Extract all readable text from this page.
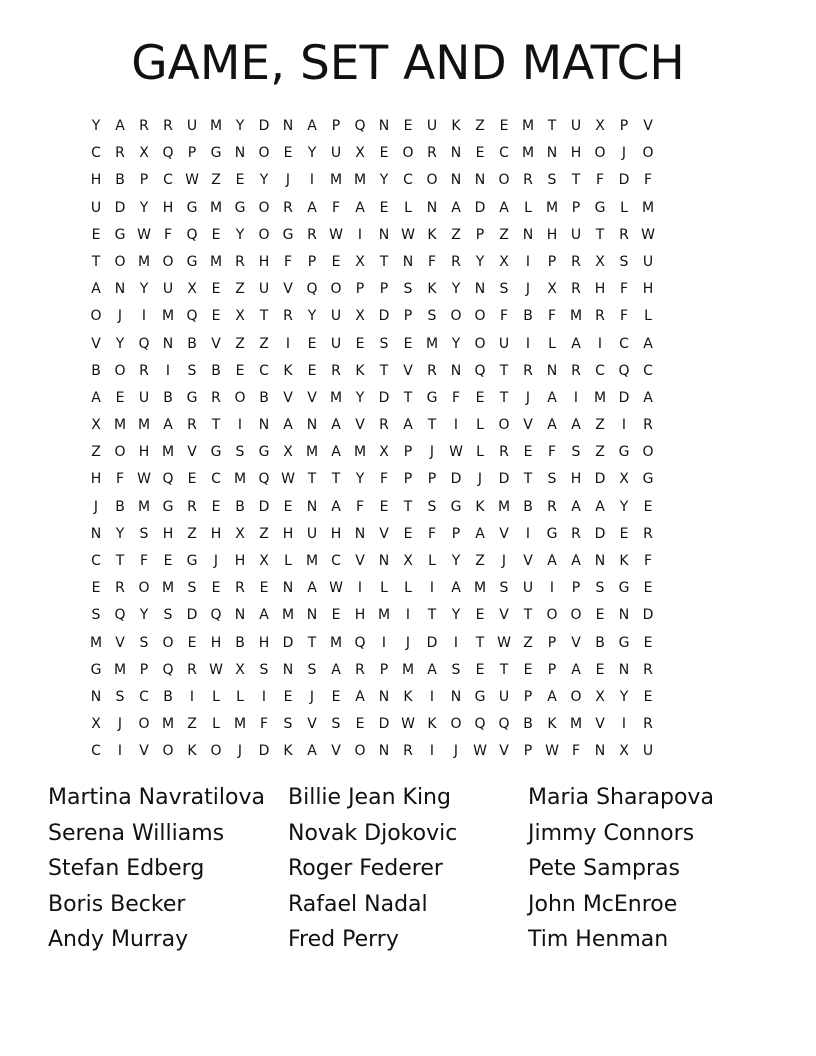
GAME, SET AND MATCH
Y	A	R	R	U M Y	D N A	P	Q N	E	U	K	Z	E M T	U	X	P	V
C	R	X Q	P	G N O	E	Y	U	X	E	O R N	E	C M N H O	J	O
H B	P	C W Z	E	Y	J	I	M M Y	C O N N O R	S	T	F	D	F
U D	Y	H G M G O R	A	F	A	E	L	N A D A	L	M P	G	L	M
E	G W F	Q	E	Y	O G R W	I	N W K	Z	P	Z N H U	T	R W
T	O M O G M R H	F	P	E	X	T	N	F	R	Y	X	I	P	R	X	S	U
A N	Y	U	X	E	Z	U	V Q O	P	P	S	K	Y	N	S	J	X	R H	F	H
O	J	I	M Q	E	X	T	R	Y	U	X D	P	S	O O	F	B	F M R	F	L
V	Y	Q N B	V	Z	Z	I	E	U	E	S	E M Y	O U	I	L	A	I	C	A
B O R	I	S	B	E	C	K	E	R	K	T	V	R N Q	T	R N R	C Q C
A	E	U	B G R O B	V	V M Y	D	T	G	F	E	T	J	A	I	M D A
X M M A	R	T	I	N A N A	V	R	A	T	I	L	O V	A	A	Z	I	R
Z O H M V G	S	G X M A M X	P	J	W L	R	E	F	S	Z G O
H	F W Q	E	C M Q W T	T	Y	F	P	P	D	J	D	T	S	H D X G
J	B M G R	E	B D	E	N A	F	E	T	S	G K M B	R	A	A	Y	E
N	Y	S	H Z H X	Z H U H N V	E	F	P	A	V	I	G R D	E	R
C	T	F	E	G	J	H X	L	M C	V N X	L	Y	Z	J	V	A	A N	K	F
E	R O M S	E	R	E	N A W	I	L	L	I	A M S	U	I	P	S	G	E
S	Q	Y	S	D Q N A M N	E	H M	I	T	Y	E	V	T	O O	E	N D
M V	S	O	E	H B H D	T M Q	I	J	D	I	T W Z	P	V	B G	E
G M P	Q R W X	S	N	S	A	R	P M A	S	E	T	E	P	A	E	N R
N	S	C	B	I	L	L	I	E	J	E	A N	K	I	N G U	P	A O X	Y	E
X	J	O M Z	L	M F	S	V	S	E	D W K O Q Q B	K M V	I	R
C	I	V O K O	J	D	K	A	V O N R	I	J	W V	P W F	N X	U
Martina Navratilova
Serena Williams
Stefan Edberg
Boris Becker
Andy Murray
Billie Jean King
Novak Djokovic
Roger Federer
Rafael Nadal
Fred Perry
Maria Sharapova
Jimmy Connors
Pete Sampras
John McEnroe
Tim Henman
